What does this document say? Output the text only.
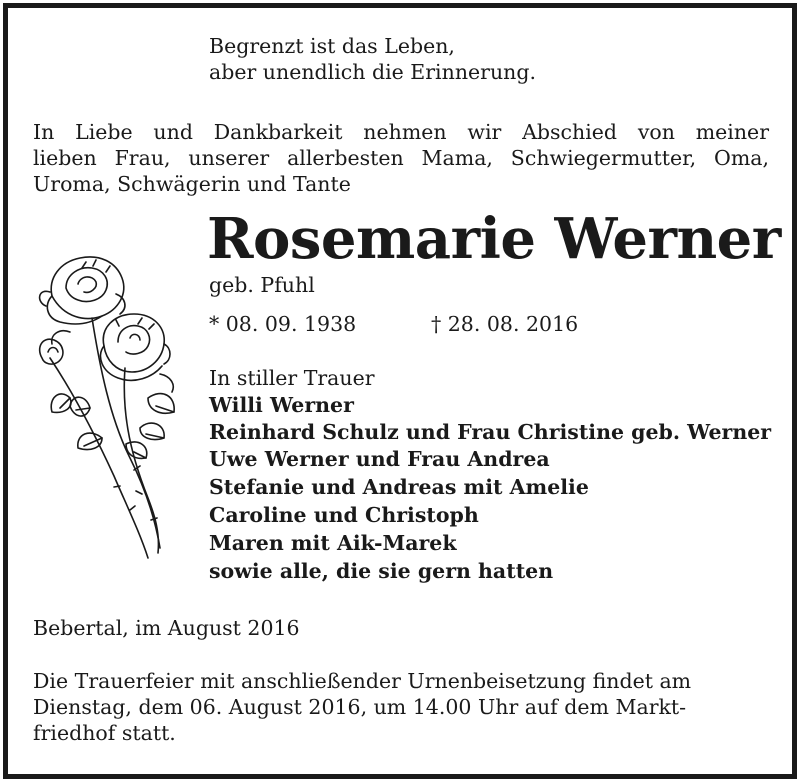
Begrenzt ist das Leben,
aber unendlich die Erinnerung.
In Liebe und Dankbarkeit nehmen wir Abschied von meiner
lieben Frau, unserer allerbesten Mama, Schwiegermutter, Oma,
Uroma, Schwägerin und Tante
Rosemarie Werner
geb. Pfuhl
* 08. 09. 1938	† 28. 08. 2016
In stiller Trauer
Willi Werner
Reinhard Schulz und Frau Christine geb. Werner
Uwe Werner und Frau Andrea
Stefanie und Andreas mit Amelie
Caroline und Christoph
Maren mit Aik-Marek
sowie alle, die sie gern hatten
Bebertal, im August 2016
Die Trauerfeier mit anschließender Urnenbeisetzung findet am
Dienstag, dem 06. August 2016, um 14.00 Uhr auf dem Markt-
friedhof statt.
